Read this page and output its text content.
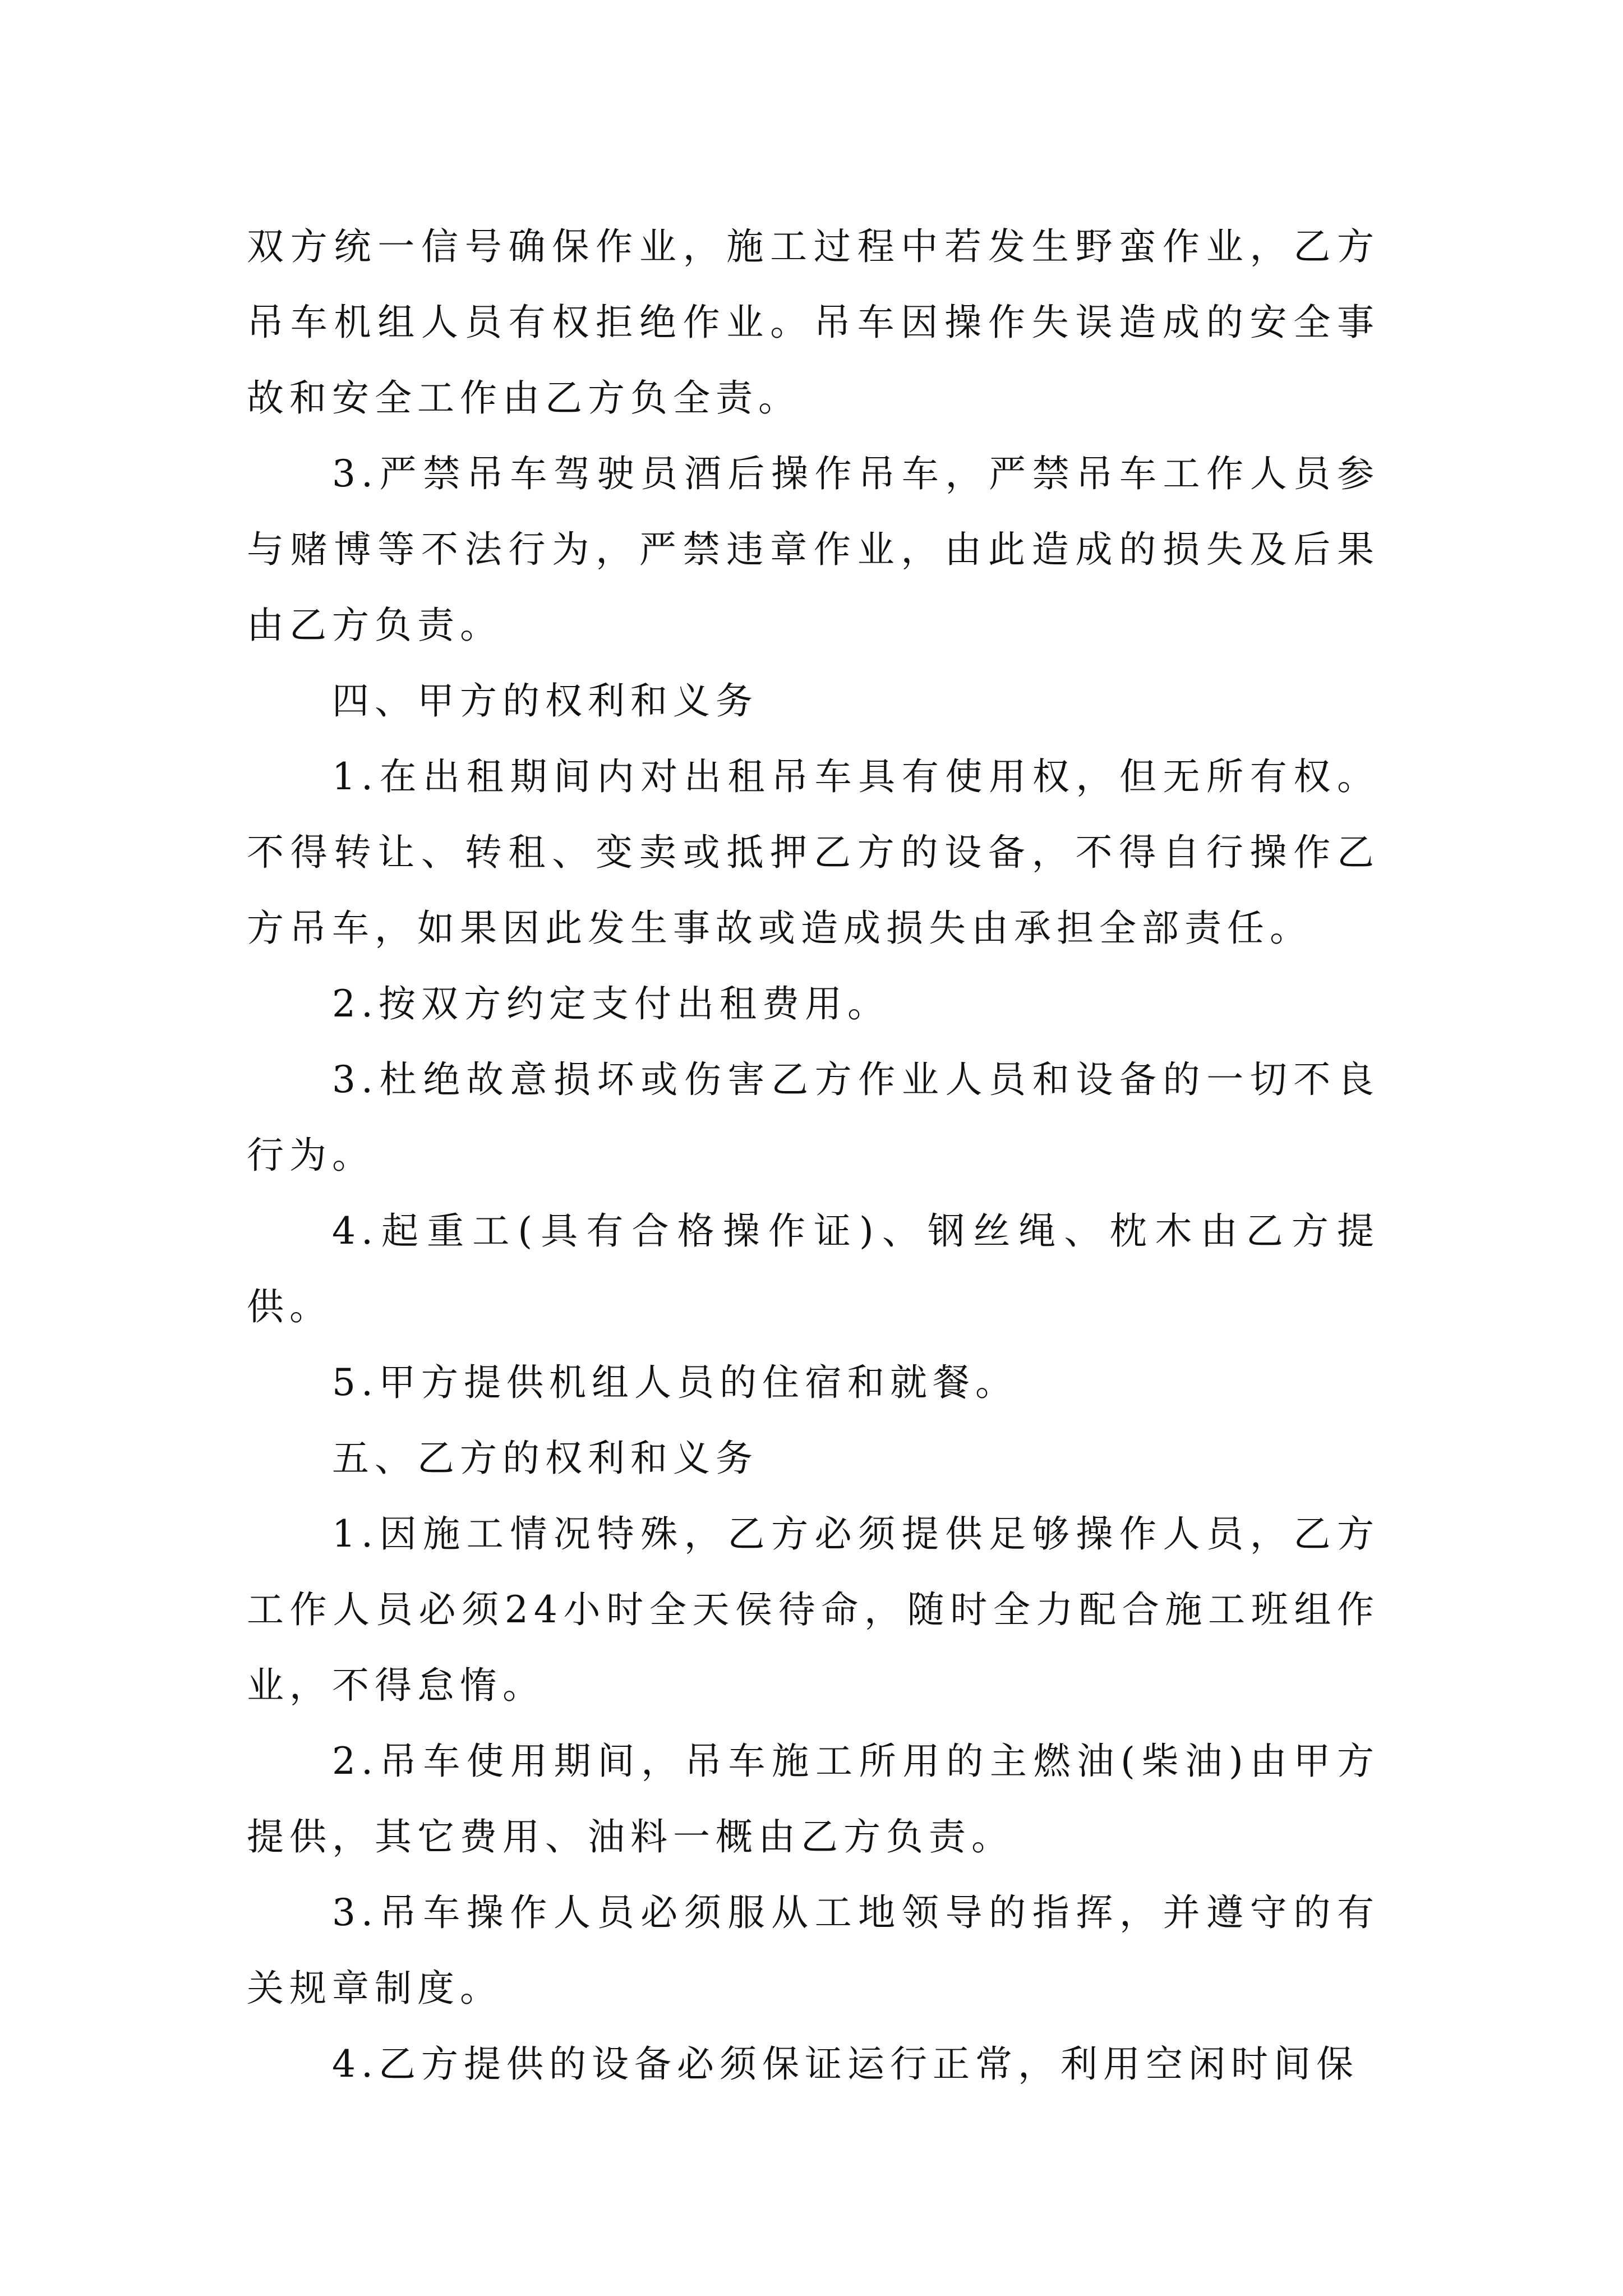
双方统一信号确保作业，施工过程中若发生野蛮作业，乙方吊车机组人员有权拒绝作业。吊车因操作失误造成的安全事故和安全工作由乙方负全责。

3.严禁吊车驾驶员酒后操作吊车，严禁吊车工作人员参与赌博等不法行为，严禁违章作业，由此造成的损失及后果由乙方负责。

四、甲方的权利和义务

1.在出租期间内对出租吊车具有使用权，但无所有权。不得转让、转租、变卖或抵押乙方的设备，不得自行操作乙方吊车，如果因此发生事故或造成损失由承担全部责任。

2.按双方约定支付出租费用。

3.杜绝故意损坏或伤害乙方作业人员和设备的一切不良行为。

4.起重工(具有合格操作证)、钢丝绳、枕木由乙方提供。

5.甲方提供机组人员的住宿和就餐。

五、乙方的权利和义务

1.因施工情况特殊，乙方必须提供足够操作人员，乙方工作人员必须24小时全天侯待命，随时全力配合施工班组作业，不得怠惰。

2.吊车使用期间，吊车施工所用的主燃油(柴油)由甲方提供，其它费用、油料一概由乙方负责。

3.吊车操作人员必须服从工地领导的指挥，并遵守的有关规章制度。

4.乙方提供的设备必须保证运行正常，利用空闲时间保
